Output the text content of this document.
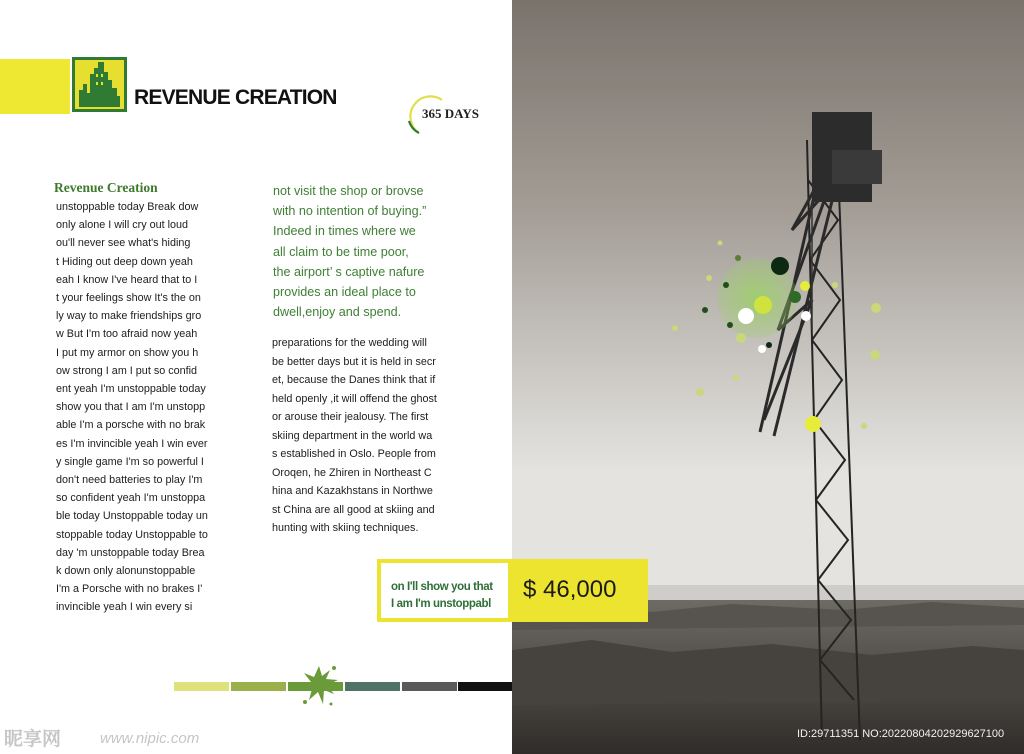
REVENUE CREATION
365 DAYS
Revenue Creation
unstoppable today Break dow
only alone I will cry out loud
ou'll never see what's hiding
t Hiding out deep down yeah
eah I know I've heard that to I
t your feelings show It's the on
ly way to make friendships gro
w But I'm too afraid now yeah
I put my armor on show you h
ow strong I am I put so confid
ent yeah I'm unstoppable today
show you that I am I'm unstopp
able I'm a porsche with no brak
es I'm invincible yeah I win ever
y single game I'm so powerful I
don't need batteries to play I'm
so confident yeah I'm unstoppa
ble today Unstoppable today un
stoppable today Unstoppable to
day 'm unstoppable today Brea
k down only alonunstoppable
I'm a Porsche with no brakes I'
invincible yeah I win every si
not visit the shop or brovse
with no intention of buying.”
Indeed in times where we
all claim to be time poor,
the airport’ s captive nafure
provides an ideal place to
dwell,enjoy and spend.
preparations for the wedding will
be better days but it is held in secr
et, because the Danes think that if
held openly ,it will offend the ghost
or arouse their jealousy. The first
skiing department in the world wa
s established in Oslo. People from
Oroqen, he Zhiren in Northeast C
hina and Kazakhstans in Northwe
st China are all good at skiing and
hunting with skiing techniques.
昵享网	www.nipic.com
on I'll show you that
I am I'm unstoppabl
$ 46,000
ID:29711351 NO:20220804202929627100
